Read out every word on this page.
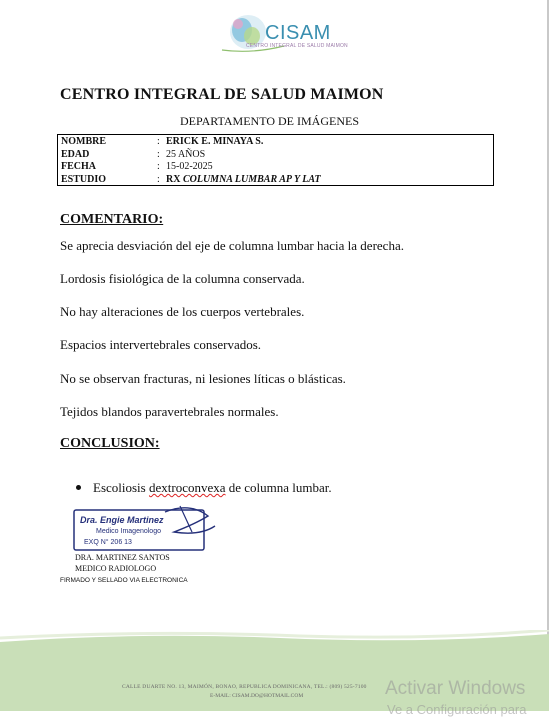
CISAM
CENTRO INTEGRAL DE SALUD MAIMON
CENTRO INTEGRAL DE SALUD MAIMON
DEPARTAMENTO DE IMÁGENES
NOMBRE	: ERICK E. MINAYA S.
EDAD	: 25 AÑOS
FECHA	: 15-02-2025
ESTUDIO	: RX COLUMNA LUMBAR AP Y LAT
COMENTARIO:
Se aprecia desviación del eje de columna lumbar hacia la derecha.
Lordosis fisiológica de la columna conservada.
No hay alteraciones de los cuerpos vertebrales.
Espacios intervertebrales conservados.
No se observan fracturas, ni lesiones líticas o blásticas.
Tejidos blandos paravertebrales normales.
CONCLUSION:
Escoliosis dextroconvexa de columna lumbar.
Dra. Engie Martinez
Medico Imagenologo
EXQ N° 206 13
DRA. MARTINEZ SANTOS
MEDICO RADIOLOGO
FIRMADO Y SELLADO VIA ELECTRONICA
CALLE DUARTE NO. 13, MAIMÓN, BONAO, REPUBLICA DOMINICANA, TEL.: (809) 525-7100
E-MAIL: CISAM.DO@HOTMAIL.COM	Activar Windows
Ve a Configuración para
